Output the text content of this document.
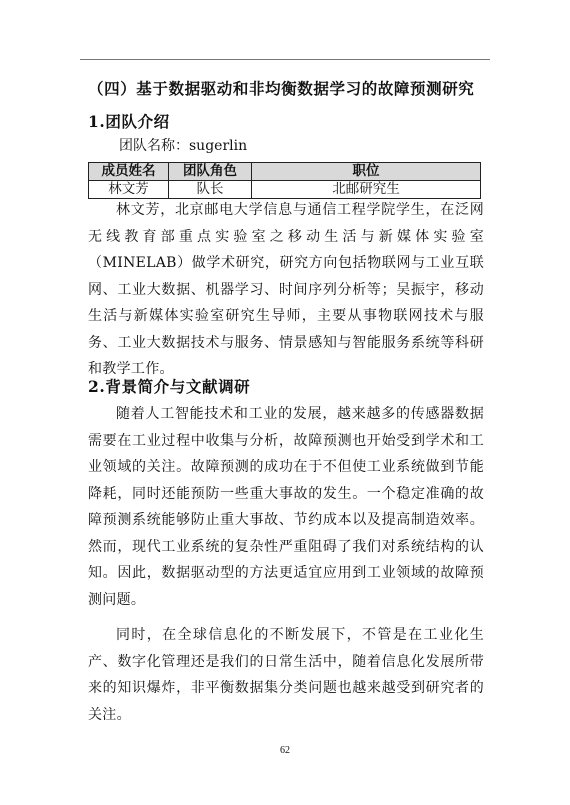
（四）基于数据驱动和非均衡数据学习的故障预测研究
1.团队介绍
团队名称：sugerlin
成员姓名	团队角色	职位
林文芳	队长	北邮研究生

林文芳，北京邮电大学信息与通信工程学院学生，在泛网无线教育部重点实验室之移动生活与新媒体实验室（MINELAB）做学术研究，研究方向包括物联网与工业互联网、工业大数据、机器学习、时间序列分析等；吴振宇，移动生活与新媒体实验室研究生导师，主要从事物联网技术与服务、工业大数据技术与服务、情景感知与智能服务系统等科研和教学工作。

2.背景简介与文献调研

随着人工智能技术和工业的发展，越来越多的传感器数据需要在工业过程中收集与分析，故障预测也开始受到学术和工业领域的关注。故障预测的成功在于不但使工业系统做到节能降耗，同时还能预防一些重大事故的发生。一个稳定准确的故障预测系统能够防止重大事故、节约成本以及提高制造效率。然而，现代工业系统的复杂性严重阻碍了我们对系统结构的认知。因此，数据驱动型的方法更适宜应用到工业领域的故障预测问题。

同时，在全球信息化的不断发展下，不管是在工业化生产、数字化管理还是我们的日常生活中，随着信息化发展所带来的知识爆炸，非平衡数据集分类问题也越来越受到研究者的关注。

62
